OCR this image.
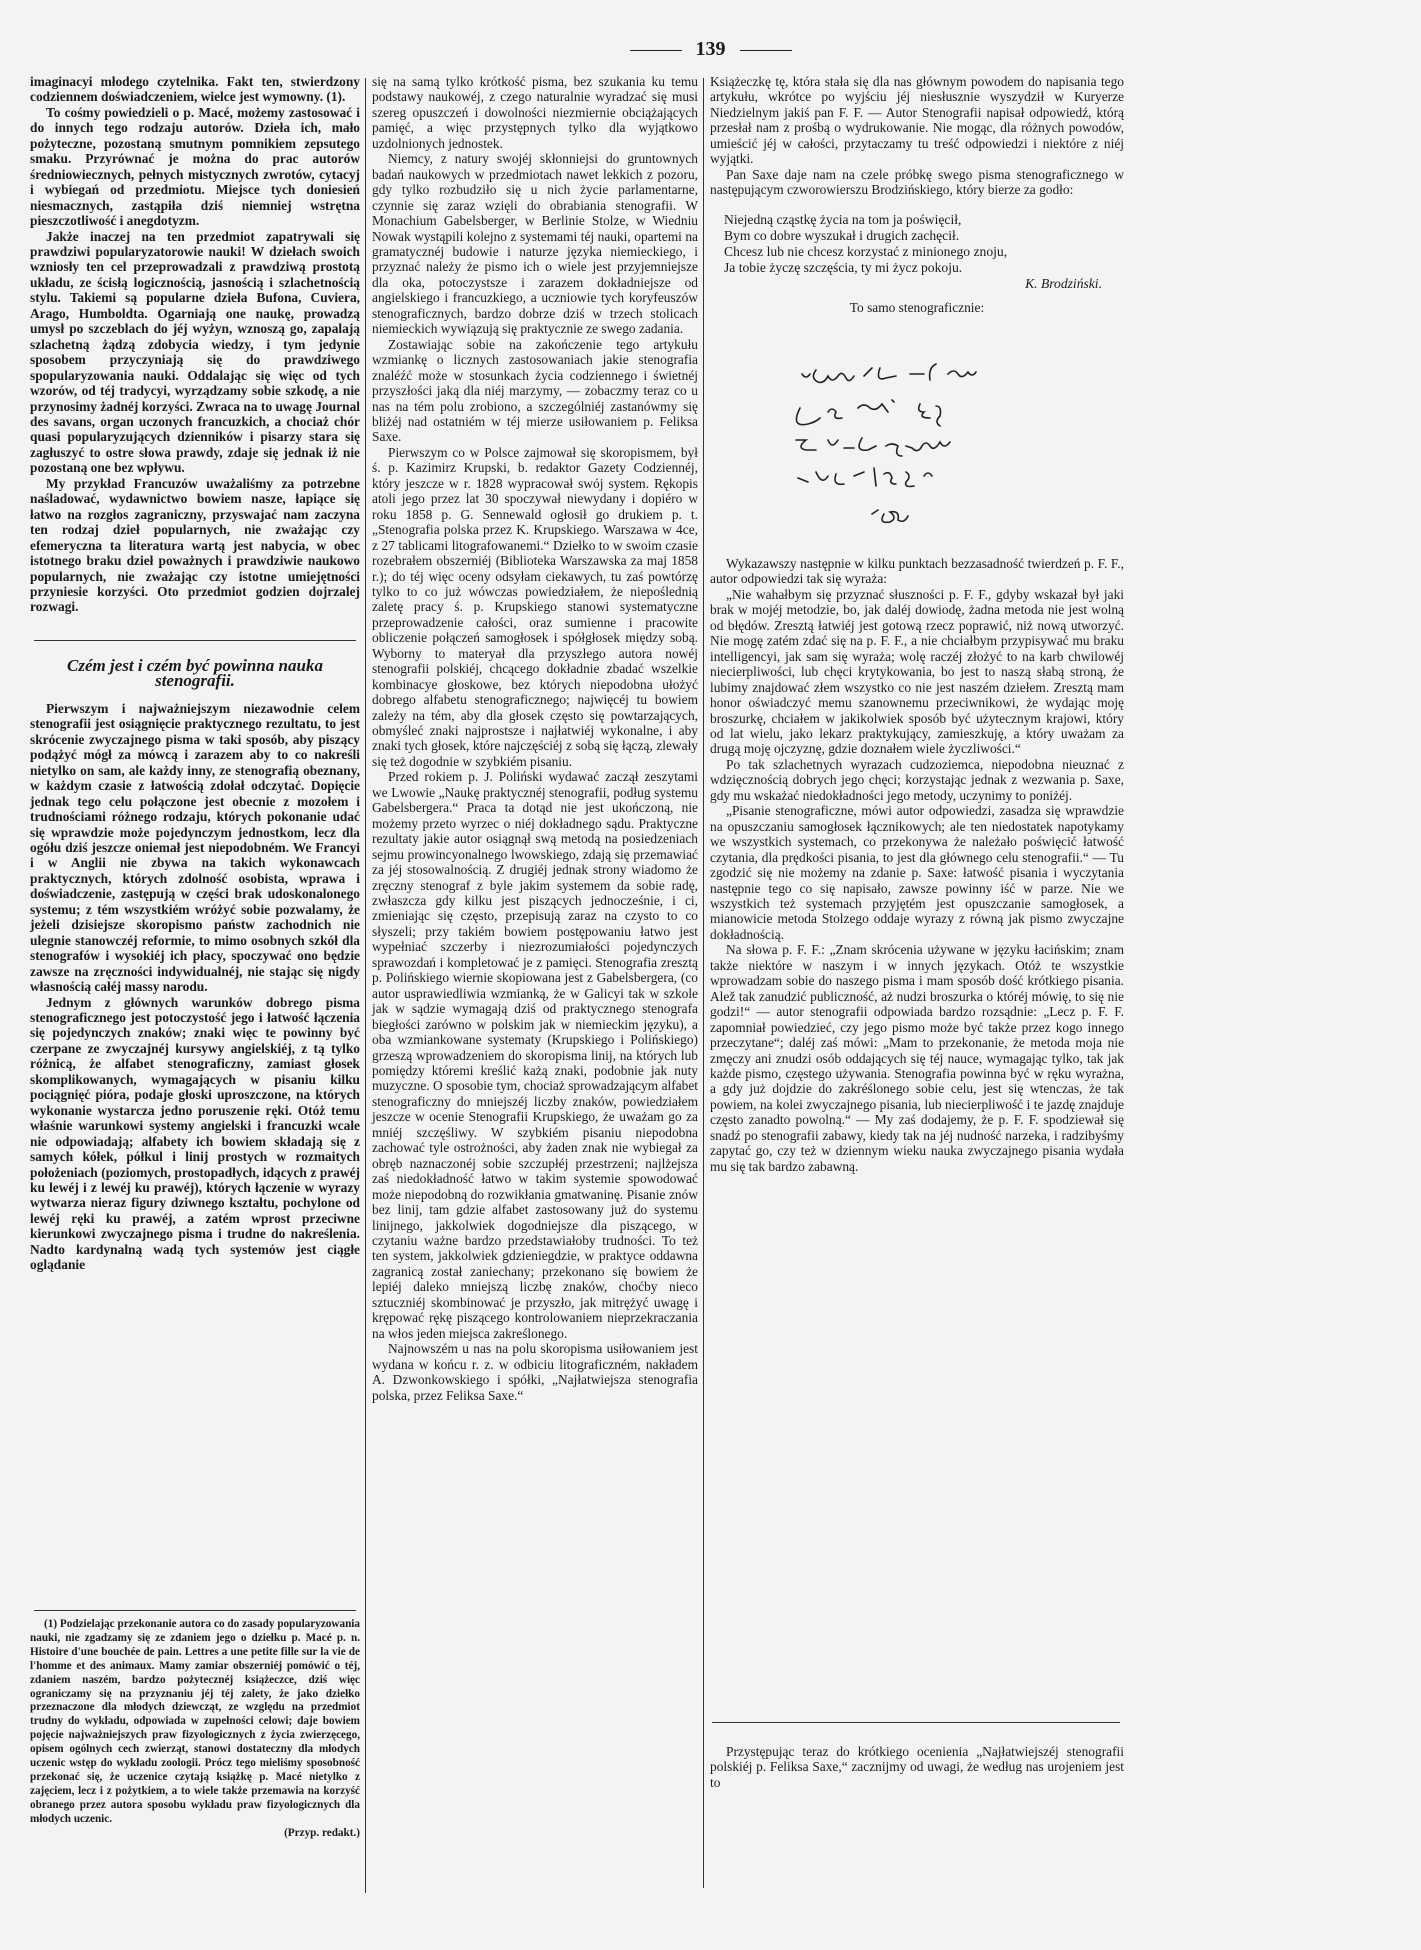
139

imaginacyi młodego czytelnika. Fakt ten, stwierdzony codziennem doświadczeniem, wielce jest wymowny. (1).

To cośmy powiedzieli o p. Macé, możemy zastosować i do innych tego rodzaju autorów. Dzieła ich, mało pożyteczne, pozostaną smutnym pomnikiem zepsutego smaku. Przyrównać je można do prac autorów średniowiecznych, pełnych mistycznych zwrotów, cytacyj i wybiegań od przedmiotu. Miejsce tych doniesień niesmacznych, zastąpiła dziś niemniej wstrętna pieszczotliwość i anegdotyzm.

Jakże inaczej na ten przedmiot zapatrywali się prawdziwi popularyzatorowie nauki! W dziełach swoich wzniosły ten cel przeprowadzali z prawdziwą prostotą układu, ze ścisłą logicznością, jasnością i szlachetnością stylu. Takiemi są popularne dzieła Bufona, Cuviera, Arago, Humboldta. Ogarniają one naukę, prowadzą umysł po szczeblach do jéj wyżyn, wznoszą go, zapalają szlachetną żądzą zdobycia wiedzy, i tym jedynie sposobem przyczyniają się do prawdziwego spopularyzowania nauki. Oddalając się więc od tych wzorów, od téj tradycyi, wyrządzamy sobie szkodę, a nie przynosimy żadnéj korzyści. Zwraca na to uwagę Journal des savans, organ uczonych francuzkich, a chociaż chór quasi popularyzujących dzienników i pisarzy stara się zagłuszyć to ostre słowa prawdy, zdaje się jednak iż nie pozostaną one bez wpływu.

My przykład Francuzów uważaliśmy za potrzebne naśladować, wydawnictwo bowiem nasze, łapiące się łatwo na rozgłos zagraniczny, przyswajać nam zaczyna ten rodzaj dzieł popularnych, nie zważając czy efemeryczna ta literatura wartą jest nabycia, w obec istotnego braku dzieł poważnych i prawdziwie naukowo popularnych, nie zważając czy istotne umiejętności przyniesie korzyści. Oto przedmiot godzien dojrzalej rozwagi.

Czém jest i czém być powinna nauka stenografii.

Pierwszym i najważniejszym niezawodnie celem stenografii jest osiągnięcie praktycznego rezultatu, to jest skrócenie zwyczajnego pisma w taki sposób, aby piszący podążyć mógł za mówcą i zarazem aby to co nakreśli nietylko on sam, ale każdy inny, ze stenografią obeznany, w każdym czasie z łatwością zdołał odczytać. Dopięcie jednak tego celu połączone jest obecnie z mozołem i trudnościami różnego rodzaju, których pokonanie udać się wprawdzie może pojedynczym jednostkom, lecz dla ogółu dziś jeszcze oniemał jest niepodobném. We Francyi i w Anglii nie zbywa na takich wykonawcach praktycznych, których zdolność osobista, wprawa i doświadczenie, zastępują w części brak udoskonalonego systemu; z tém wszystkiém wróżyć sobie pozwalamy, że jeżeli dzisiejsze skoropismo państw zachodnich nie ulegnie stanowczéj reformie, to mimo osobnych szkół dla stenografów i wysokiéj ich płacy, spoczywać ono będzie zawsze na zręczności indywidualnéj, nie stając się nigdy własnością całéj massy narodu.

Jednym z głównych warunków dobrego pisma stenograficznego jest potoczystość jego i łatwość łączenia się pojedynczych znaków; znaki więc te powinny być czerpane ze zwyczajnéj kursywy angielskiéj, z tą tylko różnicą, że alfabet stenograficzny, zamiast głosek skomplikowanych, wymagających w pisaniu kilku pociągnięć pióra, podaje głoski uproszczone, na których wykonanie wystarcza jedno poruszenie ręki. Otóż temu właśnie warunkowi systemy angielski i francuzki wcale nie odpowiadają; alfabety ich bowiem składają się z samych kółek, półkul i linij prostych w rozmaitych położeniach (poziomych, prostopadłych, idących z prawéj ku lewéj i z lewéj ku prawéj), których łączenie w wyrazy wytwarza nieraz figury dziwnego kształtu, pochylone od lewéj ręki ku prawéj, a zatém wprost przeciwne kierunkowi zwyczajnego pisma i trudne do nakreślenia. Nadto kardynalną wadą tych systemów jest ciągłe oglądanie

(1) Podzielając przekonanie autora co do zasady popularyzowania nauki, nie zgadzamy się ze zdaniem jego o dziełku p. Macé p. n. Histoire d'une bouchée de pain. Lettres a une petite fille sur la vie de l'homme et des animaux. Mamy zamiar obszerniéj pomówić o téj, zdaniem naszém, bardzo pożytecznéj książeczce, dziś więc ograniczamy się na przyznaniu jéj téj zalety, że jako dziełko przeznaczone dla młodych dziewcząt, ze względu na przedmiot trudny do wykładu, odpowiada w zupełności celowi; daje bowiem pojęcie najważniejszych praw fizyologicznych z życia zwierzęcego, opisem ogólnych cech zwierząt, stanowi dostateczny dla młodych uczenic wstęp do wykładu zoologii. Prócz tego mieliśmy sposobność przekonać się, że uczenice czytają książkę p. Macé nietylko z zajęciem, lecz i z pożytkiem, a to wiele także przemawia na korzyść obranego przez autora sposobu wykładu praw fizyologicznych dla młodych uczenic.

(Przyp. redakt.)

się na samą tylko krótkość pisma, bez szukania ku temu podstawy naukowéj, z czego naturalnie wyradzać się musi szereg opuszczeń i dowolności niezmiernie obciążających pamięć, a więc przystępnych tylko dla wyjątkowo uzdolnionych jednostek.

Niemcy, z natury swojéj skłonniejsi do gruntownych badań naukowych w przedmiotach nawet lekkich z pozoru, gdy tylko rozbudziło się u nich życie parlamentarne, czynnie się zaraz wzięli do obrabiania stenografii. W Monachium Gabelsberger, w Berlinie Stolze, w Wiedniu Nowak wystąpili kolejno z systemami téj nauki, opartemi na gramatycznéj budowie i naturze języka niemieckiego, i przyznać należy że pismo ich o wiele jest przyjemniejsze dla oka, potoczystsze i zarazem dokładniejsze od angielskiego i francuzkiego, a uczniowie tych koryfeuszów stenograficznych, bardzo dobrze dziś w trzech stolicach niemieckich wywiązują się praktycznie ze swego zadania.

Zostawiając sobie na zakończenie tego artykułu wzmiankę o licznych zastosowaniach jakie stenografia znaléźć może w stosunkach życia codziennego i świetnéj przyszłości jaką dla niéj marzymy, — zobaczmy teraz co u nas na tém polu zrobiono, a szczególniéj zastanówmy się bliżéj nad ostatniém w téj mierze usiłowaniem p. Feliksa Saxe.

Pierwszym co w Polsce zajmował się skoropismem, był ś. p. Kazimirz Krupski, b. redaktor Gazety Codziennéj, który jeszcze w r. 1828 wypracował swój system. Rękopis atoli jego przez lat 30 spoczywał niewydany i dopiéro w roku 1858 p. G. Sennewald ogłosił go drukiem p. t. „Stenografia polska przez K. Krupskiego. Warszawa w 4ce, z 27 tablicami litografowanemi.“ Dziełko to w swoim czasie rozebrałem obszerniéj (Biblioteka Warszawska za maj 1858 r.); do téj więc oceny odsyłam ciekawych, tu zaś powtórzę tylko to co już wówczas powiedziałem, że niepoślednią zaletę pracy ś. p. Krupskiego stanowi systematyczne przeprowadzenie całości, oraz sumienne i pracowite obliczenie połączeń samogłosek i spółgłosek między sobą. Wyborny to materyał dla przyszłego autora nowéj stenografii polskiéj, chcącego dokładnie zbadać wszelkie kombinacye głoskowe, bez których niepodobna ułożyć dobrego alfabetu stenograficznego; najwięcéj tu bowiem zależy na tém, aby dla głosek często się powtarzających, obmyśleć znaki najprostsze i najłatwiéj wykonalne, i aby znaki tych głosek, które najczęściéj z sobą się łączą, zlewały się też dogodnie w szybkiém pisaniu.

Przed rokiem p. J. Poliński wydawać zaczął zeszytami we Lwowie „Naukę praktycznéj stenografii, podług systemu Gabelsbergera.“ Praca ta dotąd nie jest ukończoną, nie możemy przeto wyrzec o niéj dokładnego sądu. Praktyczne rezultaty jakie autor osiągnął swą metodą na posiedzeniach sejmu prowincyonalnego lwowskiego, zdają się przemawiać za jéj stosowalnością. Z drugiéj jednak strony wiadomo że zręczny stenograf z byle jakim systemem da sobie radę, zwłaszcza gdy kilku jest piszących jednocześnie, i ci, zmieniając się często, przepisują zaraz na czysto to co słyszeli; przy takiém bowiem postępowaniu łatwo jest wypełniać szczerby i niezrozumiałości pojedynczych sprawozdań i kompletować je z pamięci. Stenografia zresztą p. Polińskiego wiernie skopiowana jest z Gabelsbergera, (co autor usprawiedliwia wzmianką, że w Galicyi tak w szkole jak w sądzie wymagają dziś od praktycznego stenografa biegłości zarówno w polskim jak w niemieckim języku), a oba wzmiankowane systematy (Krupskiego i Polińskiego) grzeszą wprowadzeniem do skoropisma linij, na których lub pomiędzy któremi kreślić każą znaki, podobnie jak nuty muzyczne. O sposobie tym, chociaż sprowadzającym alfabet stenograficzny do mniejszéj liczby znaków, powiedziałem jeszcze w ocenie Stenografii Krupskiego, że uważam go za mniéj szczęśliwy. W szybkiém pisaniu niepodobna zachować tyle ostrożności, aby żaden znak nie wybiegał za obręb naznaczonéj sobie szczupłéj przestrzeni; najlżejsza zaś niedokładność łatwo w takim systemie spowodować może niepodobną do rozwikłania gmatwaninę. Pisanie znów bez linij, tam gdzie alfabet zastosowany już do systemu linijnego, jakkolwiek dogodniejsze dla piszącego, w czytaniu ważne bardzo przedstawiałoby trudności. To też ten system, jakkolwiek gdzieniegdzie, w praktyce oddawna zagranicą został zaniechany; przekonano się bowiem że lepiéj daleko mniejszą liczbę znaków, choćby nieco sztuczniéj skombinować je przyszło, jak mitrężyć uwagę i krępować rękę piszącego kontrolowaniem nieprzekraczania na włos jeden miejsca zakreślonego.

Najnowszém u nas na polu skoropisma usiłowaniem jest wydana w końcu r. z. w odbiciu litograficzném, nakładem A. Dzwonkowskiego i spółki, „Najłatwiejsza stenografia polska, przez Feliksa Saxe.“

Książeczkę tę, która stała się dla nas głównym powodem do napisania tego artykułu, wkrótce po wyjściu jéj niesłusznie wyszydził w Kuryerze Niedzielnym jakiś pan F. F. — Autor Stenografii napisał odpowiedź, którą przesłał nam z prośbą o wydrukowanie. Nie mogąc, dla różnych powodów, umieścić jéj w całości, przytaczamy tu treść odpowiedzi i niektóre z niéj wyjątki.

Pan Saxe daje nam na czele próbkę swego pisma stenograficznego w następującym czworowierszu Brodzińskiego, który bierze za godło:

Niejedną cząstkę życia na tom ja poświęcił,
Bym co dobre wyszukał i drugich zachęcił.
Chcesz lub nie chcesz korzystać z minionego znoju,
Ja tobie życzę szczęścia, ty mi życz pokoju.
K. Brodziński.

To samo stenograficznie:

Wykazawszy następnie w kilku punktach bezzasadność twierdzeń p. F. F., autor odpowiedzi tak się wyraża:

„Nie wahałbym się przyznać słuszności p. F. F., gdyby wskazał był jaki brak w mojéj metodzie, bo, jak daléj dowiodę, żadna metoda nie jest wolną od błędów. Zresztą łatwiéj jest gotową rzecz poprawić, niż nową utworzyć. Nie mogę zatém zdać się na p. F. F., a nie chciałbym przypisywać mu braku intelligencyi, jak sam się wyraża; wolę raczéj złożyć to na karb chwilowéj niecierpliwości, lub chęci krytykowania, bo jest to naszą słabą stroną, że lubimy znajdować złem wszystko co nie jest naszém dziełem. Zresztą mam honor oświadczyć memu szanownemu przeciwnikowi, że wydając moję broszurkę, chciałem w jakikolwiek sposób być użytecznym krajowi, który od lat wielu, jako lekarz praktykujący, zamieszkuję, a który uważam za drugą moję ojczyznę, gdzie doznałem wiele życzliwości.“

Po tak szlachetnych wyrazach cudzoziemca, niepodobna nieuznać z wdzięcznością dobrych jego chęci; korzystając jednak z wezwania p. Saxe, gdy mu wskażać niedokładności jego metody, uczynimy to poniżéj.

„Pisanie stenograficzne, mówi autor odpowiedzi, zasadza się wprawdzie na opuszczaniu samogłosek łącznikowych; ale ten niedostatek napotykamy we wszystkich systemach, co przekonywa że należało poświęcić łatwość czytania, dla prędkości pisania, to jest dla głównego celu stenografii.“ — Tu zgodzić się nie możemy na zdanie p. Saxe: łatwość pisania i wyczytania następnie tego co się napisało, zawsze powinny iść w parze. Nie we wszystkich też systemach przyjętém jest opuszczanie samogłosek, a mianowicie metoda Stolzego oddaje wyrazy z równą jak pismo zwyczajne dokładnością.

Na słowa p. F. F.: „Znam skrócenia używane w języku łacińskim; znam także niektóre w naszym i w innych językach. Otóż te wszystkie wprowadzam sobie do naszego pisma i mam sposób dość krótkiego pisania. Alež tak zanudzić publiczność, aż nudzi broszurka o któréj mówię, to się nie godzi!“ — autor stenografii odpowiada bardzo rozsądnie: „Lecz p. F. F. zapomniał powiedzieć, czy jego pismo może być także przez kogo innego przeczytane“; daléj zaś mówi: „Mam to przekonanie, że metoda moja nie zmęczy ani znudzi osób oddających się téj nauce, wymagając tylko, tak jak każde pismo, częstego używania. Stenografia powinna być w ręku wyrażna, a gdy już dojdzie do zakréślonego sobie celu, jest się wtenczas, że tak powiem, na kolei zwyczajnego pisania, lub niecierpliwość i te jazdę znajduje często zanadto powolną.“ — My zaś dodajemy, że p. F. F. spodziewał się snadź po stenografii zabawy, kiedy tak na jéj nudność narzeka, i radzibyśmy zapytać go, czy też w dziennym wieku nauka zwyczajnego pisania wydała mu się tak bardzo zabawną.

Przystępując teraz do krótkiego ocenienia „Najłatwiejszéj stenografii polskiéj p. Feliksa Saxe,“ zacznijmy od uwagi, że według nas urojeniem jest to
